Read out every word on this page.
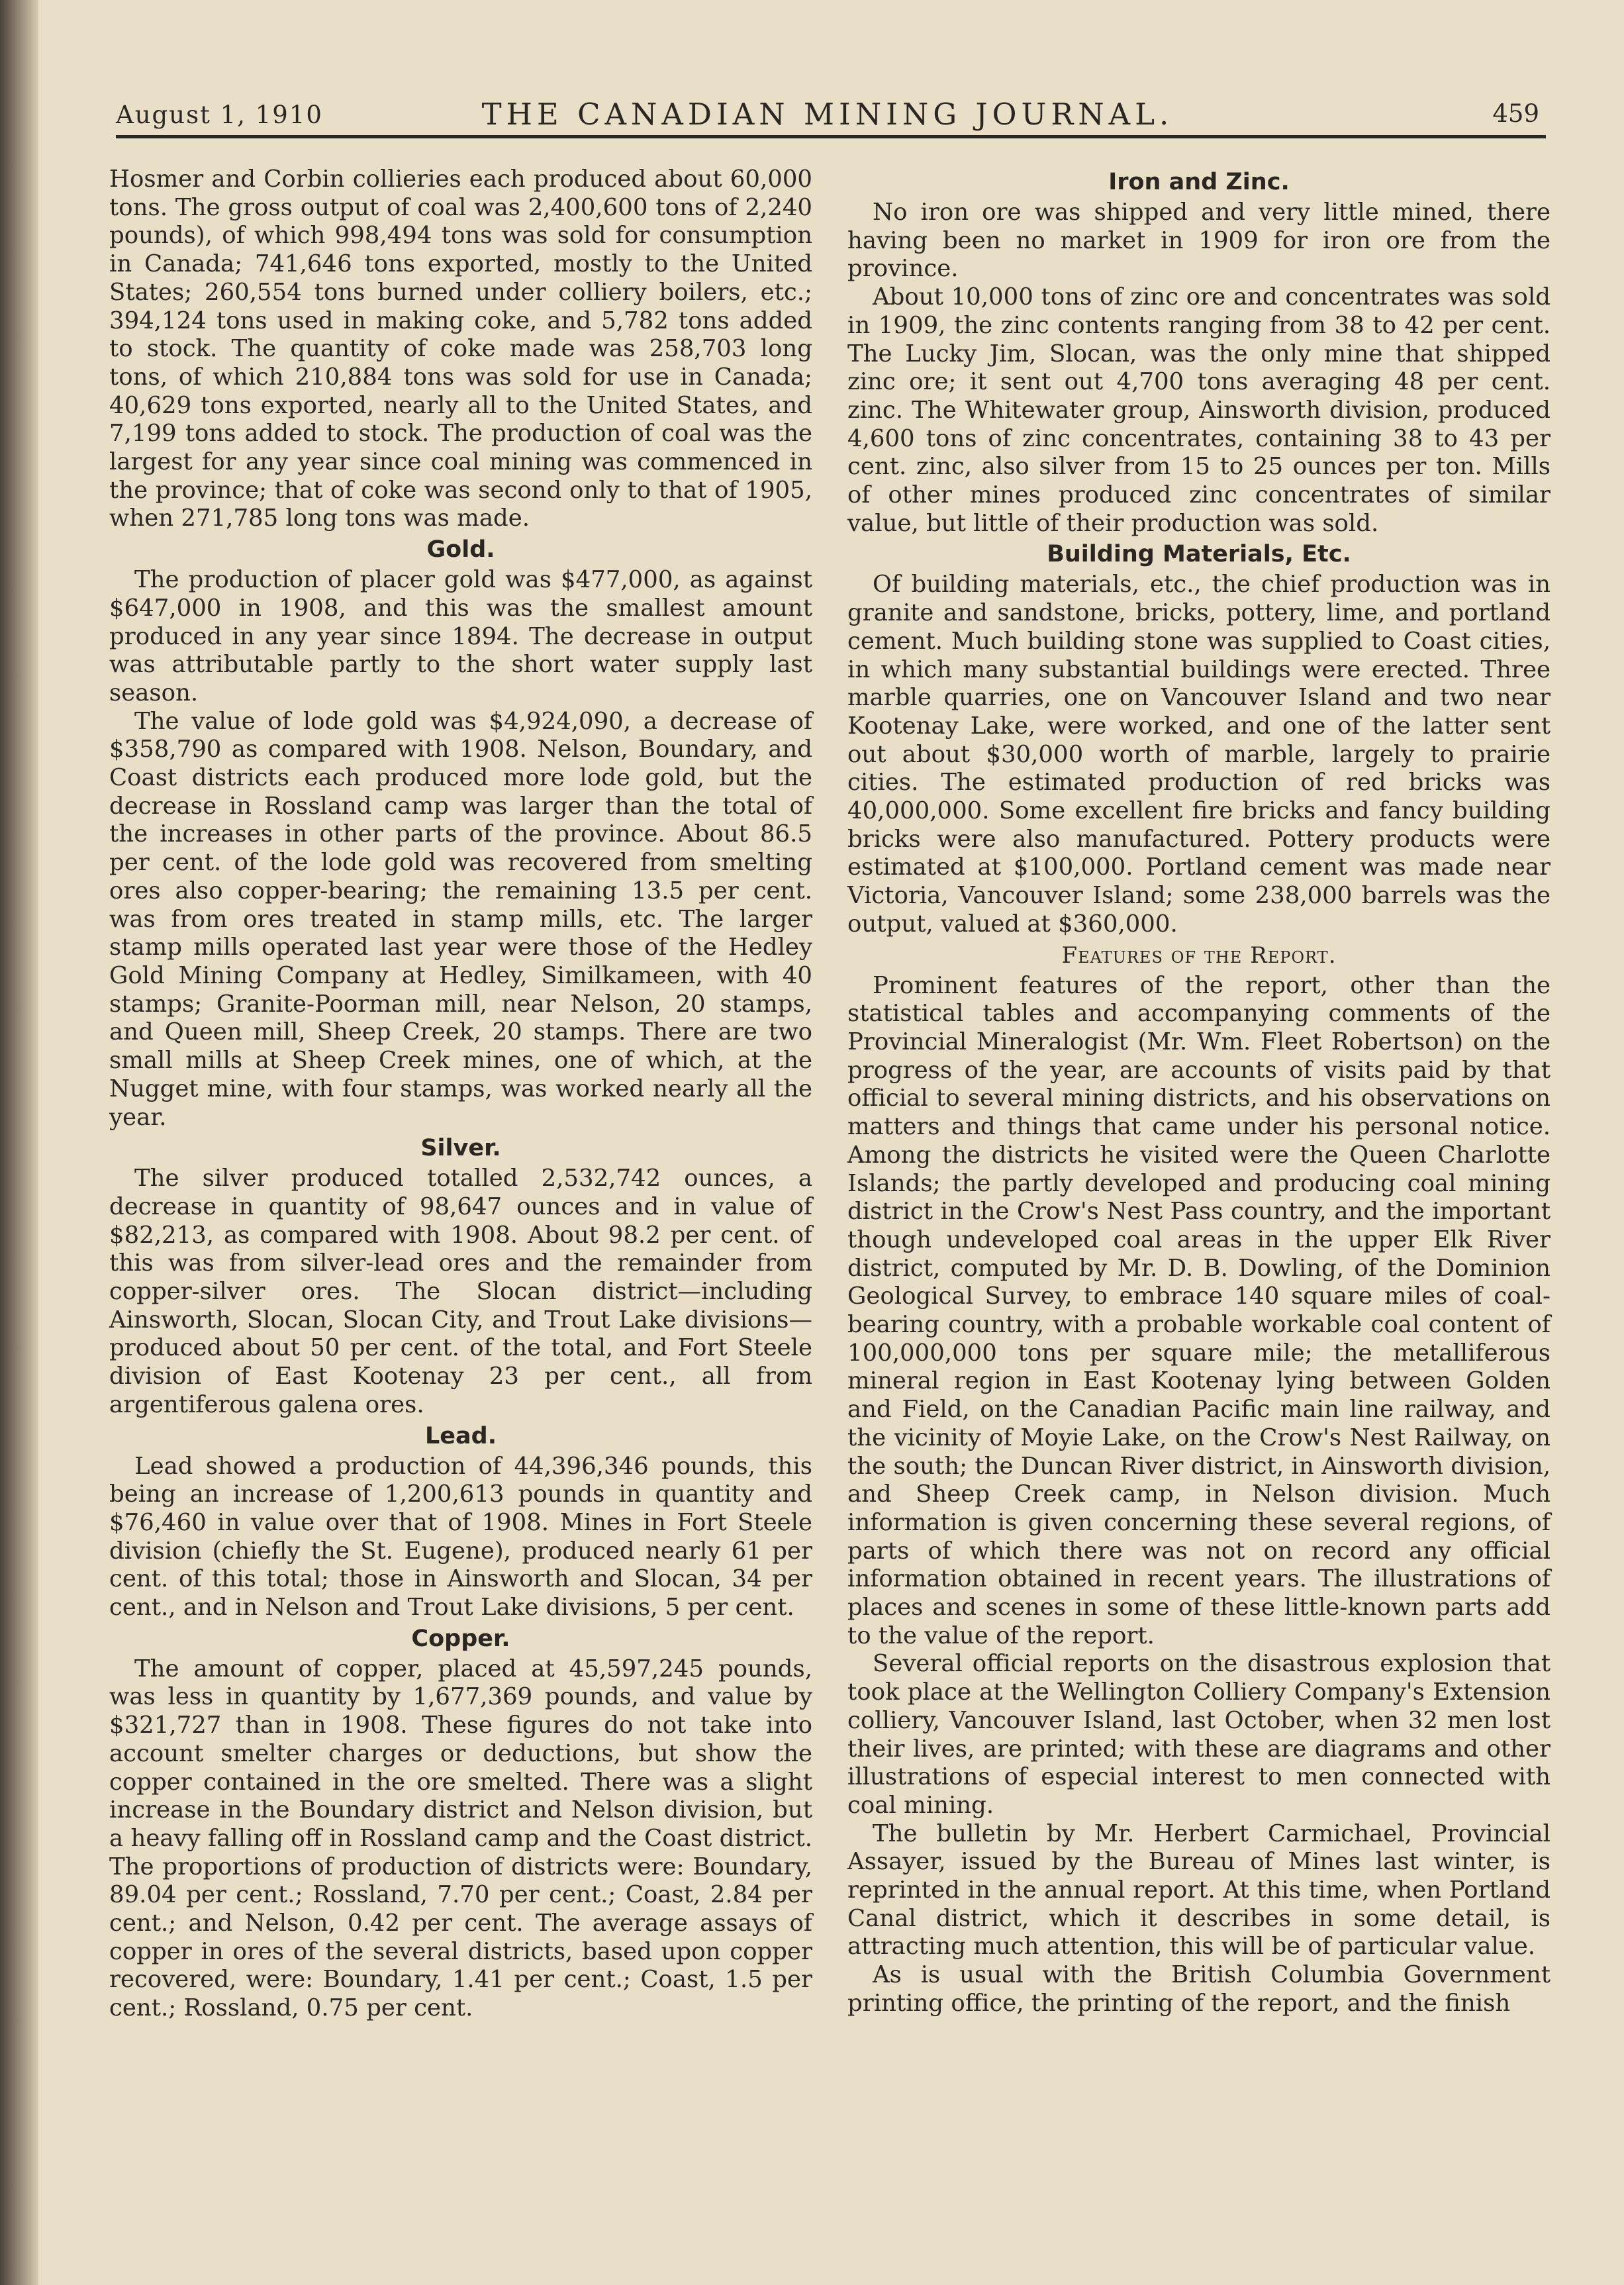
August 1, 1910	THE CANADIAN MINING JOURNAL.	459

Hosmer and Corbin collieries each produced about 60,000 tons. The gross output of coal was 2,400,600 tons of 2,240 pounds), of which 998,494 tons was sold for consumption in Canada; 741,646 tons exported, mostly to the United States; 260,554 tons burned under colliery boilers, etc.; 394,124 tons used in making coke, and 5,782 tons added to stock. The quantity of coke made was 258,703 long tons, of which 210,884 tons was sold for use in Canada; 40,629 tons exported, nearly all to the United States, and 7,199 tons added to stock. The production of coal was the largest for any year since coal mining was commenced in the province; that of coke was second only to that of 1905, when 271,785 long tons was made.

Gold.

The production of placer gold was $477,000, as against $647,000 in 1908, and this was the smallest amount produced in any year since 1894. The decrease in output was attributable partly to the short water supply last season.

The value of lode gold was $4,924,090, a decrease of $358,790 as compared with 1908. Nelson, Boundary, and Coast districts each produced more lode gold, but the decrease in Rossland camp was larger than the total of the increases in other parts of the province. About 86.5 per cent. of the lode gold was recovered from smelting ores also copper-bearing; the remaining 13.5 per cent. was from ores treated in stamp mills, etc. The larger stamp mills operated last year were those of the Hedley Gold Mining Company at Hedley, Similkameen, with 40 stamps; Granite-Poorman mill, near Nelson, 20 stamps, and Queen mill, Sheep Creek, 20 stamps. There are two small mills at Sheep Creek mines, one of which, at the Nugget mine, with four stamps, was worked nearly all the year.

Silver.

The silver produced totalled 2,532,742 ounces, a decrease in quantity of 98,647 ounces and in value of $82,213, as compared with 1908. About 98.2 per cent. of this was from silver-lead ores and the remainder from copper-silver ores. The Slocan district—including Ainsworth, Slocan, Slocan City, and Trout Lake divisions—produced about 50 per cent. of the total, and Fort Steele division of East Kootenay 23 per cent., all from argentiferous galena ores.

Lead.

Lead showed a production of 44,396,346 pounds, this being an increase of 1,200,613 pounds in quantity and $76,460 in value over that of 1908. Mines in Fort Steele division (chiefly the St. Eugene), produced nearly 61 per cent. of this total; those in Ainsworth and Slocan, 34 per cent., and in Nelson and Trout Lake divisions, 5 per cent.

Copper.

The amount of copper, placed at 45,597,245 pounds, was less in quantity by 1,677,369 pounds, and value by $321,727 than in 1908. These figures do not take into account smelter charges or deductions, but show the copper contained in the ore smelted. There was a slight increase in the Boundary district and Nelson division, but a heavy falling off in Rossland camp and the Coast district. The proportions of production of districts were: Boundary, 89.04 per cent.; Rossland, 7.70 per cent.; Coast, 2.84 per cent.; and Nelson, 0.42 per cent. The average assays of copper in ores of the several districts, based upon copper recovered, were: Boundary, 1.41 per cent.; Coast, 1.5 per cent.; Rossland, 0.75 per cent.

Iron and Zinc.

No iron ore was shipped and very little mined, there having been no market in 1909 for iron ore from the province.

About 10,000 tons of zinc ore and concentrates was sold in 1909, the zinc contents ranging from 38 to 42 per cent. The Lucky Jim, Slocan, was the only mine that shipped zinc ore; it sent out 4,700 tons averaging 48 per cent. zinc. The Whitewater group, Ainsworth division, produced 4,600 tons of zinc concentrates, containing 38 to 43 per cent. zinc, also silver from 15 to 25 ounces per ton. Mills of other mines produced zinc concentrates of similar value, but little of their production was sold.

Building Materials, Etc.

Of building materials, etc., the chief production was in granite and sandstone, bricks, pottery, lime, and portland cement. Much building stone was supplied to Coast cities, in which many substantial buildings were erected. Three marble quarries, one on Vancouver Island and two near Kootenay Lake, were worked, and one of the latter sent out about $30,000 worth of marble, largely to prairie cities. The estimated production of red bricks was 40,000,000. Some excellent fire bricks and fancy building bricks were also manufactured. Pottery products were estimated at $100,000. Portland cement was made near Victoria, Vancouver Island; some 238,000 barrels was the output, valued at $360,000.

Features of the Report.

Prominent features of the report, other than the statistical tables and accompanying comments of the Provincial Mineralogist (Mr. Wm. Fleet Robertson) on the progress of the year, are accounts of visits paid by that official to several mining districts, and his observations on matters and things that came under his personal notice. Among the districts he visited were the Queen Charlotte Islands; the partly developed and producing coal mining district in the Crow's Nest Pass country, and the important though undeveloped coal areas in the upper Elk River district, computed by Mr. D. B. Dowling, of the Dominion Geological Survey, to embrace 140 square miles of coal-bearing country, with a probable workable coal content of 100,000,000 tons per square mile; the metalliferous mineral region in East Kootenay lying between Golden and Field, on the Canadian Pacific main line railway, and the vicinity of Moyie Lake, on the Crow's Nest Railway, on the south; the Duncan River district, in Ainsworth division, and Sheep Creek camp, in Nelson division. Much information is given concerning these several regions, of parts of which there was not on record any official information obtained in recent years. The illustrations of places and scenes in some of these little-known parts add to the value of the report.

Several official reports on the disastrous explosion that took place at the Wellington Colliery Company's Extension colliery, Vancouver Island, last October, when 32 men lost their lives, are printed; with these are diagrams and other illustrations of especial interest to men connected with coal mining.

The bulletin by Mr. Herbert Carmichael, Provincial Assayer, issued by the Bureau of Mines last winter, is reprinted in the annual report. At this time, when Portland Canal district, which it describes in some detail, is attracting much attention, this will be of particular value.

As is usual with the British Columbia Government printing office, the printing of the report, and the finish
